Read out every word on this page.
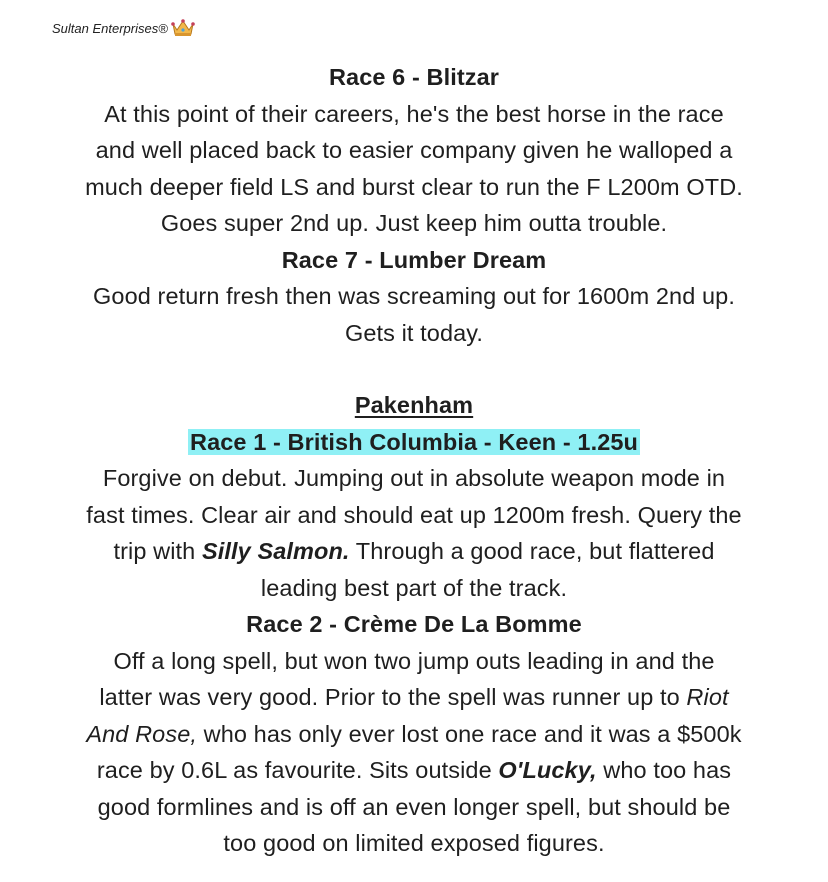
Sultan Enterprises®

Race 6 - Blitzar

At this point of their careers, he's the best horse in the race

and well placed back to easier company given he walloped a

much deeper field LS and burst clear to run the F L200m OTD.

Goes super 2nd up. Just keep him outta trouble.

Race 7 - Lumber Dream

Good return fresh then was screaming out for 1600m 2nd up.

Gets it today.

Pakenham

Race 1 - British Columbia - Keen - 1.25u

Forgive on debut. Jumping out in absolute weapon mode in

fast times. Clear air and should eat up 1200m fresh. Query the

trip with Silly Salmon. Through a good race, but flattered

leading best part of the track.

Race 2 - Crème De La Bomme

Off a long spell, but won two jump outs leading in and the

latter was very good. Prior to the spell was runner up to Riot

And Rose, who has only ever lost one race and it was a $500k

race by 0.6L as favourite. Sits outside O'Lucky, who too has

good formlines and is off an even longer spell, but should be

too good on limited exposed figures.
